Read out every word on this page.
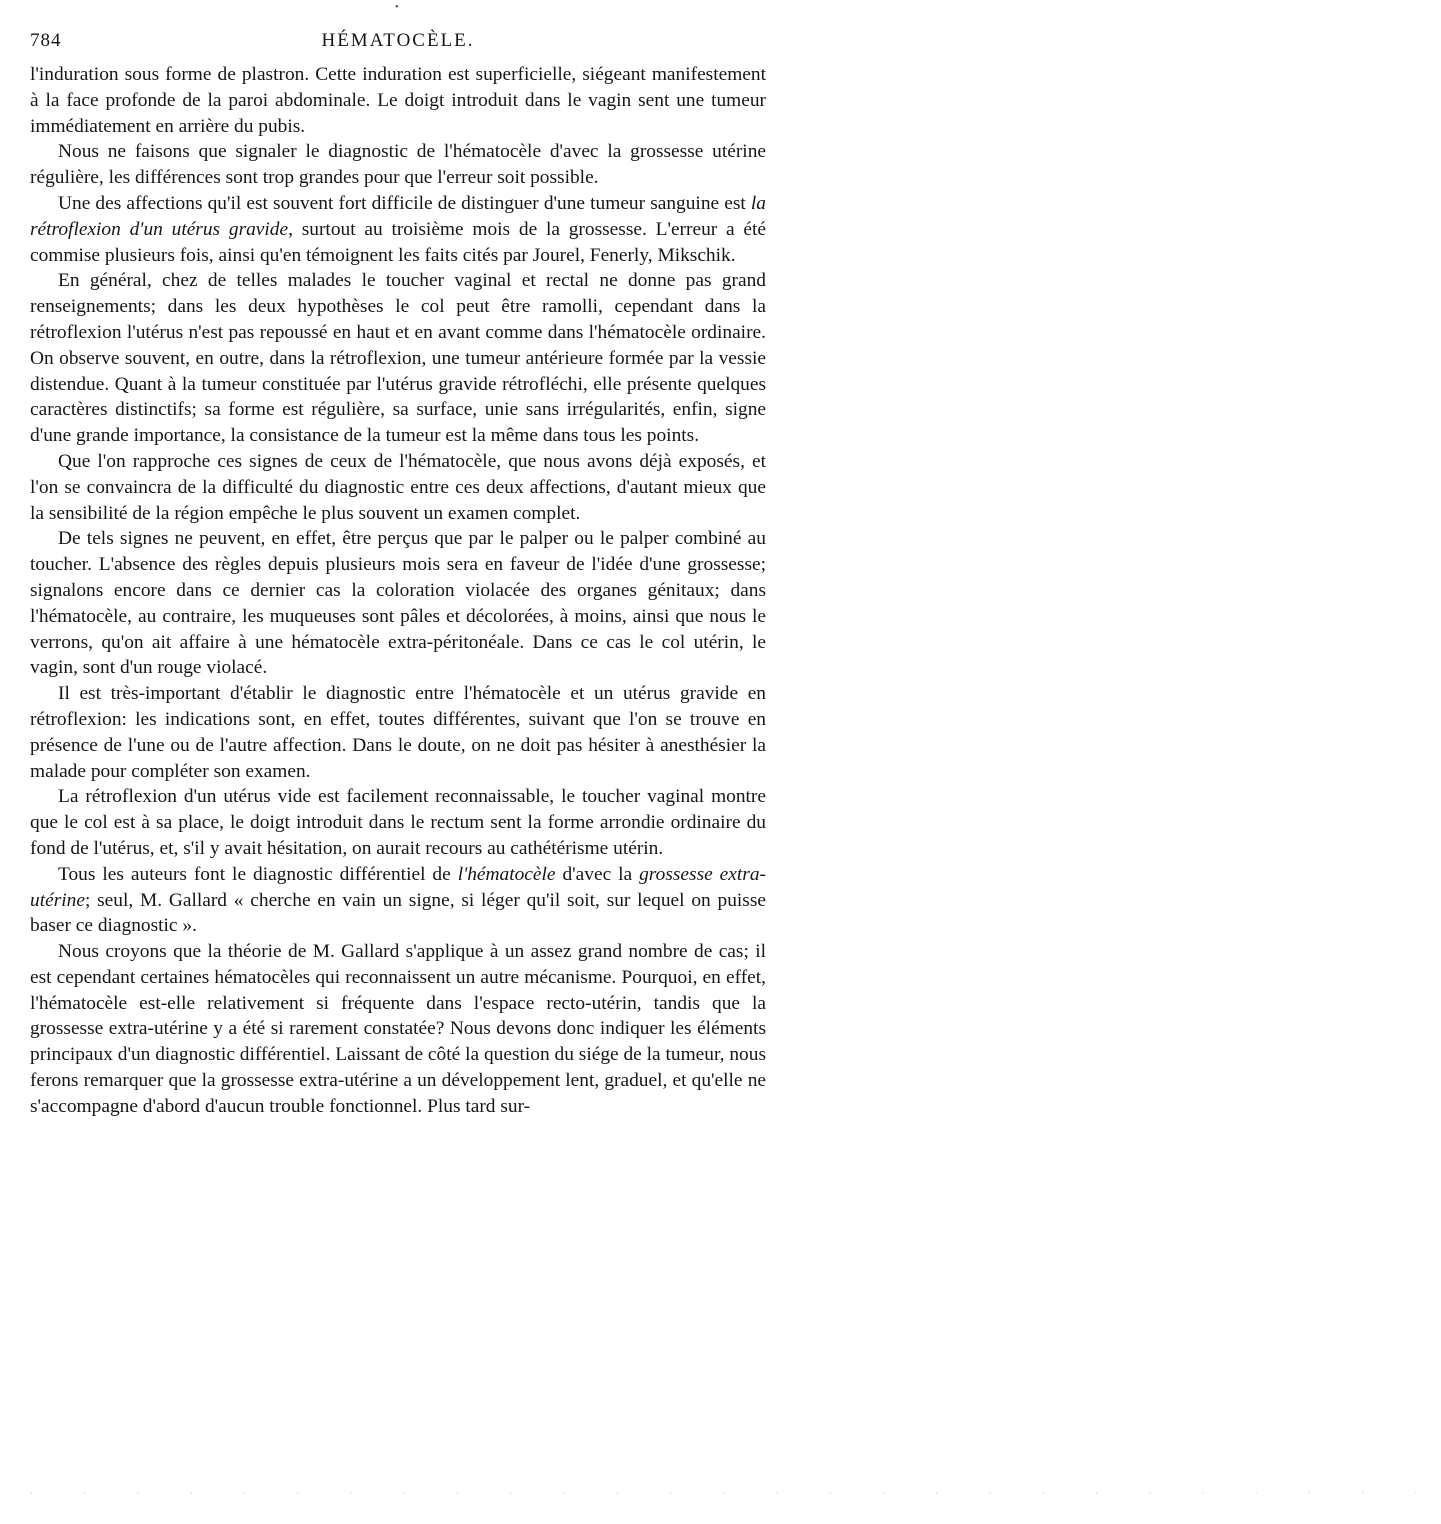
•
784	HÉMATOCÈLE.

l'induration sous forme de plastron. Cette induration est superficielle, siégeant manifestement à la face profonde de la paroi abdominale. Le doigt introduit dans le vagin sent une tumeur immédiatement en arrière du pubis.

Nous ne faisons que signaler le diagnostic de l'hématocèle d'avec la grossesse utérine régulière, les différences sont trop grandes pour que l'erreur soit possible.

Une des affections qu'il est souvent fort difficile de distinguer d'une tumeur sanguine est la rétroflexion d'un utérus gravide, surtout au troisième mois de la grossesse. L'erreur a été commise plusieurs fois, ainsi qu'en témoignent les faits cités par Jourel, Fenerly, Mikschik.

En général, chez de telles malades le toucher vaginal et rectal ne donne pas grand renseignements; dans les deux hypothèses le col peut être ramolli, cependant dans la rétroflexion l'utérus n'est pas repoussé en haut et en avant comme dans l'hématocèle ordinaire. On observe souvent, en outre, dans la rétroflexion, une tumeur antérieure formée par la vessie distendue. Quant à la tumeur constituée par l'utérus gravide rétrofléchi, elle présente quelques caractères distinctifs; sa forme est régulière, sa surface, unie sans irrégularités, enfin, signe d'une grande importance, la consistance de la tumeur est la même dans tous les points.

Que l'on rapproche ces signes de ceux de l'hématocèle, que nous avons déjà exposés, et l'on se convaincra de la difficulté du diagnostic entre ces deux affections, d'autant mieux que la sensibilité de la région empêche le plus souvent un examen complet.

De tels signes ne peuvent, en effet, être perçus que par le palper ou le palper combiné au toucher. L'absence des règles depuis plusieurs mois sera en faveur de l'idée d'une grossesse; signalons encore dans ce dernier cas la coloration violacée des organes génitaux; dans l'hématocèle, au contraire, les muqueuses sont pâles et décolorées, à moins, ainsi que nous le verrons, qu'on ait affaire à une hématocèle extra-péritonéale. Dans ce cas le col utérin, le vagin, sont d'un rouge violacé.

Il est très-important d'établir le diagnostic entre l'hématocèle et un utérus gravide en rétroflexion: les indications sont, en effet, toutes différentes, suivant que l'on se trouve en présence de l'une ou de l'autre affection. Dans le doute, on ne doit pas hésiter à anesthésier la malade pour compléter son examen.

La rétroflexion d'un utérus vide est facilement reconnaissable, le toucher vaginal montre que le col est à sa place, le doigt introduit dans le rectum sent la forme arrondie ordinaire du fond de l'utérus, et, s'il y avait hésitation, on aurait recours au cathétérisme utérin.

Tous les auteurs font le diagnostic différentiel de l'hématocèle d'avec la grossesse extra-utérine; seul, M. Gallard « cherche en vain un signe, si léger qu'il soit, sur lequel on puisse baser ce diagnostic ».

Nous croyons que la théorie de M. Gallard s'applique à un assez grand nombre de cas; il est cependant certaines hématocèles qui reconnaissent un autre mécanisme. Pourquoi, en effet, l'hématocèle est-elle relativement si fréquente dans l'espace recto-utérin, tandis que la grossesse extra-utérine y a été si rarement constatée? Nous devons donc indiquer les éléments principaux d'un diagnostic différentiel. Laissant de côté la question du siége de la tumeur, nous ferons remarquer que la grossesse extra-utérine a un développement lent, graduel, et qu'elle ne s'accompagne d'abord d'aucun trouble fonctionnel. Plus tard sur-

· · · · · · · · · · · · · · · · · · · · · · · · · · ·
